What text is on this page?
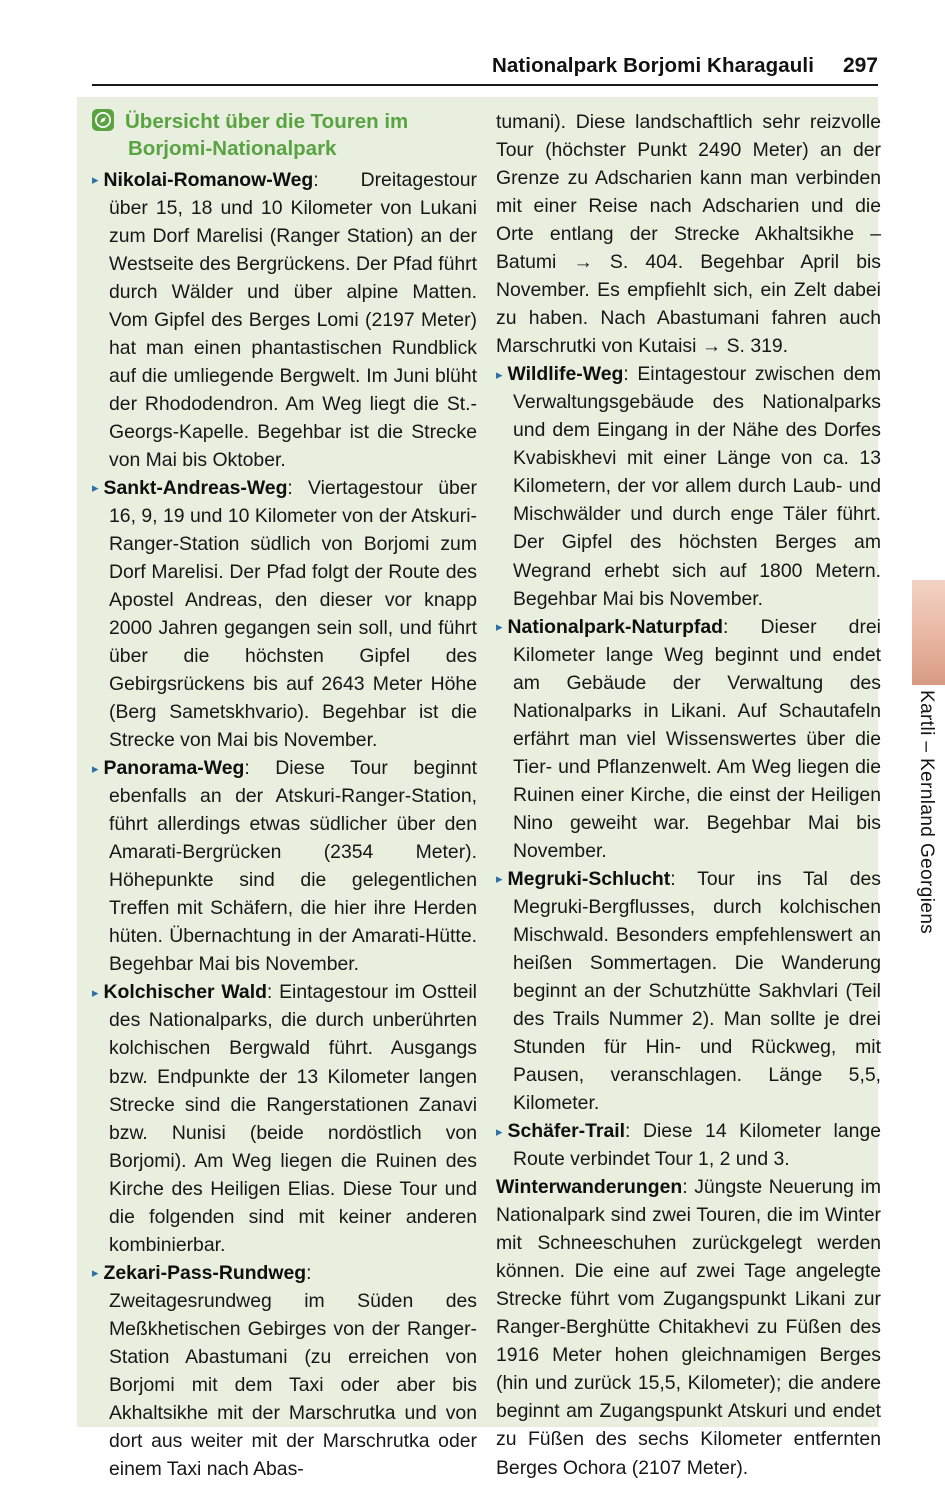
Nationalpark Borjomi Kharagauli 297
Kartli – Kernland Georgiens
Übersicht über die Touren im
Borjomi-Nationalpark

▸ Nikolai-Romanow-Weg: Dreitagestour über 15, 18 und 10 Kilometer von Lukani zum Dorf Marelisi (Ranger Station) an der Westseite des Bergrückens. Der Pfad führt durch Wälder und über alpine Matten. Vom Gipfel des Berges Lomi (2197 Meter) hat man einen phantastischen Rundblick auf die umliegende Bergwelt. Im Juni blüht der Rhododendron. Am Weg liegt die St.-Georgs-Kapelle. Begehbar ist die Strecke von Mai bis Oktober.

▸ Sankt-Andreas-Weg: Viertagestour über 16, 9, 19 und 10 Kilometer von der Atskuri-Ranger-Station südlich von Borjomi zum Dorf Marelisi. Der Pfad folgt der Route des Apostel Andreas, den dieser vor knapp 2000 Jahren gegangen sein soll, und führt über die höchsten Gipfel des Gebirgsrückens bis auf 2643 Meter Höhe (Berg Sametskhvario). Begehbar ist die Strecke von Mai bis November.

▸ Panorama-Weg: Diese Tour beginnt ebenfalls an der Atskuri-Ranger-Station, führt allerdings etwas südlicher über den Amarati-Bergrücken (2354 Meter). Höhepunkte sind die gelegentlichen Treffen mit Schäfern, die hier ihre Herden hüten. Übernachtung in der Amarati-Hütte. Begehbar Mai bis November.

▸ Kolchischer Wald: Eintagestour im Ostteil des Nationalparks, die durch unberührten kolchischen Bergwald führt. Ausgangs bzw. Endpunkte der 13 Kilometer langen Strecke sind die Rangerstationen Zanavi bzw. Nunisi (beide nordöstlich von Borjomi). Am Weg liegen die Ruinen des Kirche des Heiligen Elias. Diese Tour und die folgenden sind mit keiner anderen kombinierbar.

▸ Zekari-Pass-Rundweg: Zweitagesrundweg im Süden des Meßkhetischen Gebirges von der Ranger-Station Abastumani (zu erreichen von Borjomi mit dem Taxi oder aber bis Akhaltsikhe mit der Marschrutka und von dort aus weiter mit der Marschrutka oder einem Taxi nach Abas-

tumani). Diese landschaftlich sehr reizvolle Tour (höchster Punkt 2490 Meter) an der Grenze zu Adscharien kann man verbinden mit einer Reise nach Adscharien und die Orte entlang der Strecke Akhaltsikhe – Batumi → S. 404. Begehbar April bis November. Es empfiehlt sich, ein Zelt dabei zu haben. Nach Abastumani fahren auch Marschrutki von Kutaisi → S. 319.

▸ Wildlife-Weg: Eintagestour zwischen dem Verwaltungsgebäude des Nationalparks und dem Eingang in der Nähe des Dorfes Kvabiskhevi mit einer Länge von ca. 13 Kilometern, der vor allem durch Laub- und Mischwälder und durch enge Täler führt. Der Gipfel des höchsten Berges am Wegrand erhebt sich auf 1800 Metern. Begehbar Mai bis November.

▸ Nationalpark-Naturpfad: Dieser drei Kilometer lange Weg beginnt und endet am Gebäude der Verwaltung des Nationalparks in Likani. Auf Schautafeln erfährt man viel Wissenswertes über die Tier- und Pflanzenwelt. Am Weg liegen die Ruinen einer Kirche, die einst der Heiligen Nino geweiht war. Begehbar Mai bis November.

▸ Megruki-Schlucht: Tour ins Tal des Megruki-Bergflusses, durch kolchischen Mischwald. Besonders empfehlenswert an heißen Sommertagen. Die Wanderung beginnt an der Schutzhütte Sakhvlari (Teil des Trails Nummer 2). Man sollte je drei Stunden für Hin- und Rückweg, mit Pausen, veranschlagen. Länge 5,5, Kilometer.

▸ Schäfer-Trail: Diese 14 Kilometer lange Route verbindet Tour 1, 2 und 3.

Winterwanderungen: Jüngste Neuerung im Nationalpark sind zwei Touren, die im Winter mit Schneeschuhen zurückgelegt werden können. Die eine auf zwei Tage angelegte Strecke führt vom Zugangspunkt Likani zur Ranger-Berghütte Chitakhevi zu Füßen des 1916 Meter hohen gleichnamigen Berges (hin und zurück 15,5, Kilometer); die andere beginnt am Zugangspunkt Atskuri und endet zu Füßen des sechs Kilometer entfernten Berges Ochora (2107 Meter).
